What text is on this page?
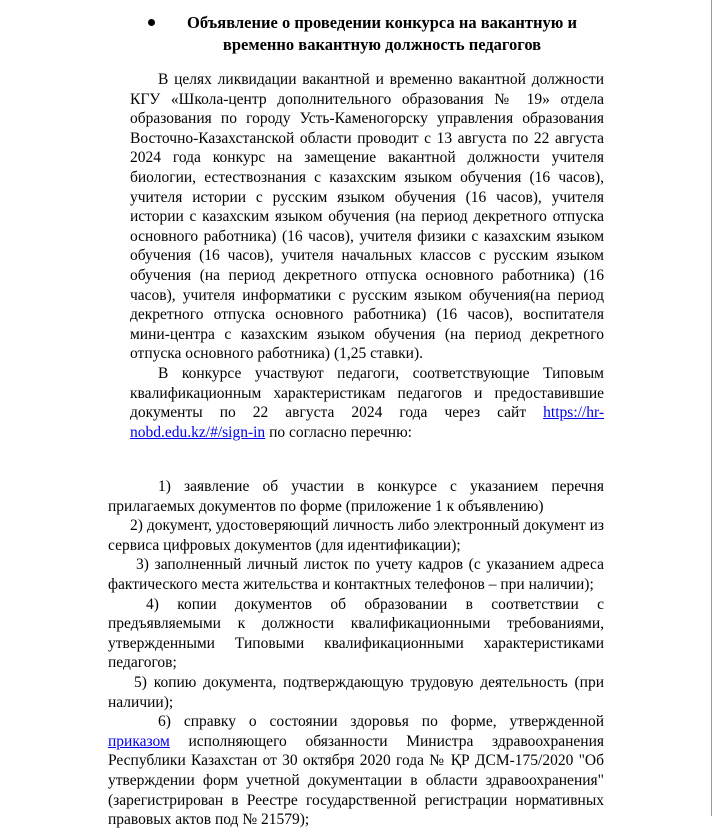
Объявление о проведении конкурса на вакантную и
временно вакантную должность педагогов

В целях ликвидации вакантной и временно вакантной должности КГУ «Школа-центр дополнительного образования № 19» отдела образования по городу Усть-Каменогорску управления образования Восточно-Казахстанской области проводит с 13 августа по 22 августа 2024 года конкурс на замещение вакантной должности учителя биологии, естествознания с казахским языком обучения (16 часов), учителя истории с русским языком обучения (16 часов), учителя истории с казахским языком обучения (на период декретного отпуска основного работника) (16 часов), учителя физики с казахским языком обучения (16 часов), учителя начальных классов с русским языком обучения (на период декретного отпуска основного работника) (16 часов), учителя информатики с русским языком обучения(на период декретного отпуска основного работника) (16 часов), воспитателя мини-центра с казахским языком обучения (на период декретного отпуска основного работника) (1,25 ставки).

В конкурсе участвуют педагоги, соответствующие Типовым квалификационным характеристикам педагогов и предоставившие документы по 22 августа 2024 года через сайт https://hr-nobd.edu.kz/#/sign-in по согласно перечню:

1) заявление об участии в конкурсе с указанием перечня прилагаемых документов по форме (приложение 1 к объявлению)

2) документ, удостоверяющий личность либо электронный документ из сервиса цифровых документов (для идентификации);

3) заполненный личный листок по учету кадров (с указанием адреса фактического места жительства и контактных телефонов – при наличии);

4) копии документов об образовании в соответствии с предъявляемыми к должности квалификационными требованиями, утвержденными Типовыми квалификационными характеристиками педагогов;

5) копию документа, подтверждающую трудовую деятельность (при наличии);

6) справку о состоянии здоровья по форме, утвержденной приказом исполняющего обязанности Министра здравоохранения Республики Казахстан от 30 октября 2020 года № ҚР ДСМ-175/2020 "Об утверждении форм учетной документации в области здравоохранения" (зарегистрирован в Реестре государственной регистрации нормативных правовых актов под № 21579);
